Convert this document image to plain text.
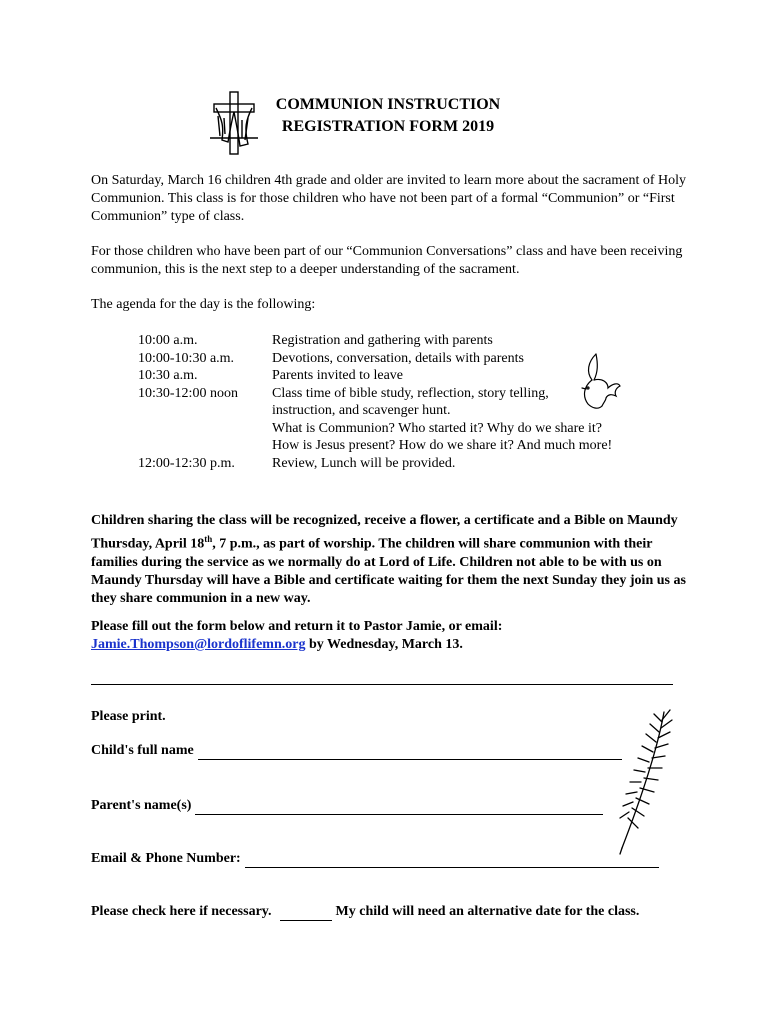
COMMUNION INSTRUCTION
REGISTRATION FORM 2019
On Saturday, March 16 children 4th grade and older are invited to learn more about the sacrament of Holy Communion. This class is for those children who have not been part of a formal “Communion” or “First Communion” type of class.
For those children who have been part of our “Communion Conversations” class and have been receiving communion, this is the next step to a deeper understanding of the sacrament.
The agenda for the day is the following:
10:00 a.m.	Registration and gathering with parents
10:00-10:30 a.m.	Devotions, conversation, details with parents
10:30 a.m.	Parents invited to leave
10:30-12:00 noon	Class time of bible study, reflection, story telling,
instruction, and scavenger hunt.
What is Communion? Who started it? Why do we share it?
How is Jesus present? How do we share it? And much more!
12:00-12:30 p.m.	Review, Lunch will be provided.
Children sharing the class will be recognized, receive a flower, a certificate and a Bible on Maundy Thursday, April 18th, 7 p.m., as part of worship. The children will share communion with their families during the service as we normally do at Lord of Life. Children not able to be with us on Maundy Thursday will have a Bible and certificate waiting for them the next Sunday they join us as they share communion in a new way.
Please fill out the form below and return it to Pastor Jamie, or email:
Jamie.Thompson@lordoflifemn.org by Wednesday, March 13.
Please print.
Child's full name
Parent's name(s)
Email & Phone Number:
Please check here if necessary.	My child will need an alternative date for the class.
